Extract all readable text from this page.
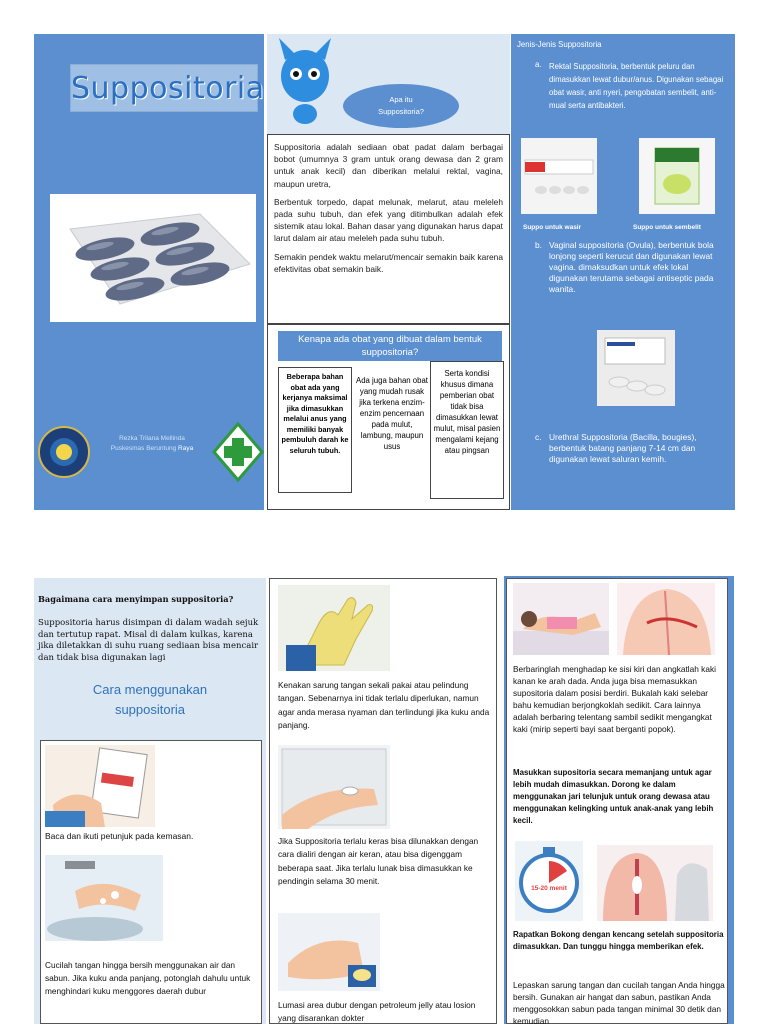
Suppositoria
Rezka Trilana Mellinda
Puskesmas Beruntung Raya
Apa itu
Suppositoria?

Suppositoria adalah sediaan obat padat dalam berbagai bobot (umumnya 3 gram untuk orang dewasa dan 2 gram untuk anak kecil) dan diberikan melalui rektal, vagina, maupun uretra,

Berbentuk torpedo, dapat melunak, melarut, atau meleleh pada suhu tubuh, dan efek yang ditimbulkan adalah efek sistemik atau lokal. Bahan dasar yang digunakan harus dapat larut dalam air atau meleleh pada suhu tubuh.

Semakin pendek waktu melarut/mencair semakin baik karena efektivitas obat semakin baik.

Kenapa ada obat yang dibuat dalam bentuk suppositoria?
Beberapa bahan obat ada yang kerjanya maksimal jika dimasukkan melalui anus yang memiliki banyak pembuluh darah ke seluruh tubuh.
Ada juga bahan obat yang mudah rusak jika terkena enzim-enzim pencernaan pada mulut, lambung, maupun usus
Serta kondisi khusus dimana pemberian obat tidak bisa dimasukkan lewat mulut, misal pasien mengalami kejang atau pingsan
Jenis-Jenis Suppositoria
a. Rektal Suppositoria, berbentuk peluru dan dimasukkan lewat dubur/anus. Digunakan sebagai obat wasir, anti nyeri, pengobatan sembelit, anti-mual serta antibakteri.
Suppo untuk wasir	Suppo untuk sembelit
b. Vaginal suppositoria (Ovula), berbentuk bola lonjong seperti kerucut dan digunakan lewat vagina. dimaksudkan untuk efek lokal digunakan terutama sebagai antiseptic pada wanita.
c. Urethral Suppositoria (Bacilla, bougies), berbentuk batang panjang 7-14 cm dan digunakan lewat saluran kemih.
Bagaimana cara menyimpan suppositoria?
Suppositoria harus disimpan di dalam wadah sejuk dan tertutup rapat. Misal di dalam kulkas, karena jika diletakkan di suhu ruang sediaan bisa mencair dan tidak bisa digunakan lagi
Cara menggunakan
suppositoria
Baca dan ikuti petunjuk pada kemasan.
Cucilah tangan hingga bersih menggunakan air dan sabun. Jika kuku anda panjang, potonglah dahulu untuk menghindari kuku menggores daerah dubur
Kenakan sarung tangan sekali pakai atau pelindung tangan. Sebenarnya ini tidak terlalu diperlukan, namun agar anda merasa nyaman dan terlindungi jika kuku anda panjang.
Jika Suppositoria terlalu keras bisa dilunakkan dengan cara dialiri dengan air keran, atau bisa digenggam beberapa saat. Jika terlalu lunak bisa dimasukkan ke pendingin selama 30 menit.
Lumasi area dubur dengan petroleum jelly atau losion yang disarankan dokter
Berbaringlah menghadap ke sisi kiri dan angkatlah kaki kanan ke arah dada. Anda juga bisa memasukkan supositoria dalam posisi berdiri. Bukalah kaki selebar bahu kemudian berjongkoklah sedikit. Cara lainnya adalah berbaring telentang sambil sedikit mengangkat kaki (mirip seperti bayi saat berganti popok).
Masukkan supositoria secara memanjang untuk agar lebih mudah dimasukkan. Dorong ke dalam menggunakan jari telunjuk untuk orang dewasa atau menggunakan kelingking untuk anak-anak yang lebih kecil.
15-20 menit
Rapatkan Bokong dengan kencang setelah suppositoria dimasukkan. Dan tunggu hingga memberikan efek.
Lepaskan sarung tangan dan cucilah tangan Anda hingga bersih. Gunakan air hangat dan sabun, pastikan Anda menggosokkan sabun pada tangan minimal 30 detik dan kemudian
